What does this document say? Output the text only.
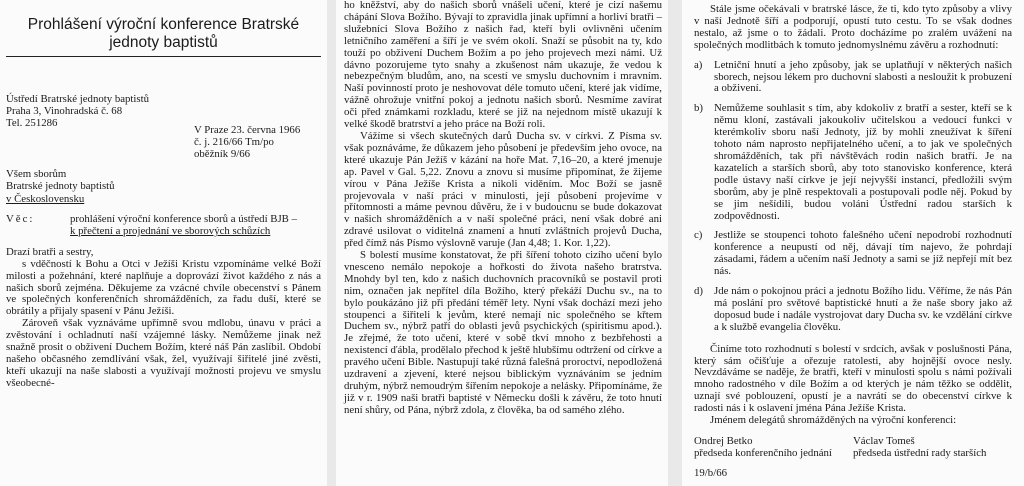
Prohlášení výroční konference Bratrské jednoty baptistů
Ústředí Bratrské jednoty baptistů
Praha 3, Vinohradská č. 68
Tel. 251286
V Praze 23. června 1966
č. j. 216/66 Tm/po
oběžník 9/66
Všem sborům
Bratrské jednoty baptistů
v Československu
Věc:	prohlášení výroční konference sborů a ústředí BJB –
k přečtení a projednání ve sborových schůzích

Drazí bratři a sestry,

s vděčností k Bohu a Otci v Ježíši Kristu vzpomínáme velké Boží milosti a požehnání, které naplňuje a doprovází život každého z nás a našich sborů zejména. Děkujeme za vzácné chvíle obecenství s Pánem ve společných konferenčních shromážděních, za řadu duší, které se obrátily a přijaly spasení v Pánu Ježíši.

Zároveň však vyznáváme upřímně svou mdlobu, únavu v práci a zvěstování i ochladnutí naší vzájemné lásky. Nemůžeme jinak než snažně prosit o obživení Duchem Božím, které náš Pán zaslíbil. Období našeho občasného zemdlívání však, žel, využívají šiřitelé jiné zvěsti, kteří ukazují na naše slabosti a využívají možnosti projevu ve smyslu všeobecné-

ho kněžství, aby do našich sborů vnášeli učení, které je cizí našemu chápání Slova Božího. Bývají to zpravidla jinak upřímní a horliví bratři – služebníci Slova Božího z našich řad, kteří byli ovlivněni učením letničního zaměření a šíří je ve svém okolí. Snaží se působit na ty, kdo touží po obživení Duchem Božím a po jeho projevech mezi námi. Už dávno pozorujeme tyto snahy a zkušenost nám ukazuje, že vedou k nebezpečným bludům, ano, na scestí ve smyslu duchovním i mravním. Naší povinností proto je neshovovat déle tomuto učení, které jak vidíme, vážně ohrožuje vnitřní pokoj a jednotu našich sborů. Nesmíme zavírat oči před známkami rozkladu, které se již na nejednom místě ukazují k velké škodě bratrství a jeho práce na Boží roli.

Vážíme si všech skutečných darů Ducha sv. v církvi. Z Písma sv. však poznáváme, že důkazem jeho působení je především jeho ovoce, na které ukazuje Pán Ježíš v kázání na hoře Mat. 7,16–20, a které jmenuje ap. Pavel v Gal. 5,22. Znovu a znovu si musíme připomínat, že žijeme vírou v Pána Ježíše Krista a nikoli viděním. Moc Boží se jasně projevovala v naší práci v minulosti, její působení projevíme v přítomnosti a máme pevnou důvěru, že i v budoucnu se bude dokazovat v našich shromážděních a v naší společné práci, není však dobré ani zdravé usilovat o viditelná znamení a hnutí zvláštních projevů Ducha, před čímž nás Písmo výslovně varuje (Jan 4,48; 1. Kor. 1,22).

S bolestí musíme konstatovat, že při šíření tohoto cizího učení bylo vnesceno nemálo nepokoje a hořkosti do života našeho bratrstva. Mnohdy byl ten, kdo z našich duchovních pracovníků se postavil proti nim, označen jak nepřítel díla Božího, který překáží Duchu sv., na to bylo poukázáno již při předání téměř lety. Nyní však dochází mezi jeho stoupenci a šiřiteli k jevům, které nemají nic společného se křtem Duchem sv., nýbrž patří do oblasti jevů psychických (spiritismu apod.). Je zřejmé, že toto učení, které v sobě tkví mnoho z bezbřehosti a nexistencí ďábla, prodělalo přechod k ještě hlubšímu odtržení od církve a pravého učení Bible. Nastupují také různá falešná proroctví, nepodložená uzdravení a zjevení, které nejsou biblickým vyznáváním se jedním druhým, nýbrž nemoudrým šířením nepokoje a nelásky. Připomínáme, že již v r. 1909 naši bratři baptisté v Německu došli k závěru, že toto hnutí není shůry, od Pána, nýbrž zdola, z člověka, ba od samého zlého.

Stále jsme očekávali v bratrské lásce, že ti, kdo tyto způsoby a vlivy v naší Jednotě šíří a podporují, opustí tuto cestu. To se však dodnes nestalo, až jsme o to žádali. Proto docházíme po zralém uvážení na společných modlitbách k tomuto jednomyslnému závěru a rozhodnutí:

a)	Letniční hnutí a jeho způsoby, jak se uplatňují v některých našich sborech, nejsou lékem pro duchovní slabosti a nesloužit k probuzení a obživení.
b)	Nemůžeme souhlasit s tím, aby kdokoliv z bratří a sester, kteří se k němu kloní, zastávali jakoukoliv učitelskou a vedoucí funkci v kterémkoliv sboru naší Jednoty, jíž by mohli zneužívat k šíření tohoto nám naprosto nepřijatelného učení, a to jak ve společných shromážděních, tak při návštěvách rodin našich bratří. Je na kazatelích a starších sborů, aby toto stanovisko konference, která podle ústavy naší církve je její nejvyšší instancí, předložili svým sborům, aby je plně respektovali a postupovali podle něj. Pokud by se jim nešídili, budou voláni Ústřední radou starších k zodpovědnosti.
c)	Jestliže se stoupenci tohoto falešného učení nepodrobí rozhodnutí konference a neupustí od něj, dávají tím najevo, že pohrdají zásadami, řádem a učením naší Jednoty a sami se jíž nepřejí mít bez nás.
d)	Jde nám o pokojnou práci a jednotu Božího lidu. Věříme, že nás Pán má poslání pro světové baptistické hnutí a že naše sbory jako až doposud bude i nadále vystrojovat dary Ducha sv. ke vzdělání církve a k službě evangelia člověku.

Činíme toto rozhodnutí s bolestí v srdcích, avšak v poslušnosti Pána, který sám očišťuje a ořezuje ratolesti, aby hojnější ovoce nesly. Nevzdáváme se naděje, že bratři, kteří v minulosti spolu s námi požívali mnoho radostného v díle Božím a od kterých je nám těžko se oddělit, uznají své poblouzení, opustí je a navrátí se do obecenství církve k radosti nás i k oslavení jména Pána Ježíše Krista.

Jménem delegátů shromážděných na výroční konferenci:

Ondrej Betko
předseda konferenčního jednání
Václav Tomeš
předseda ústřední rady starších
19/b/66
